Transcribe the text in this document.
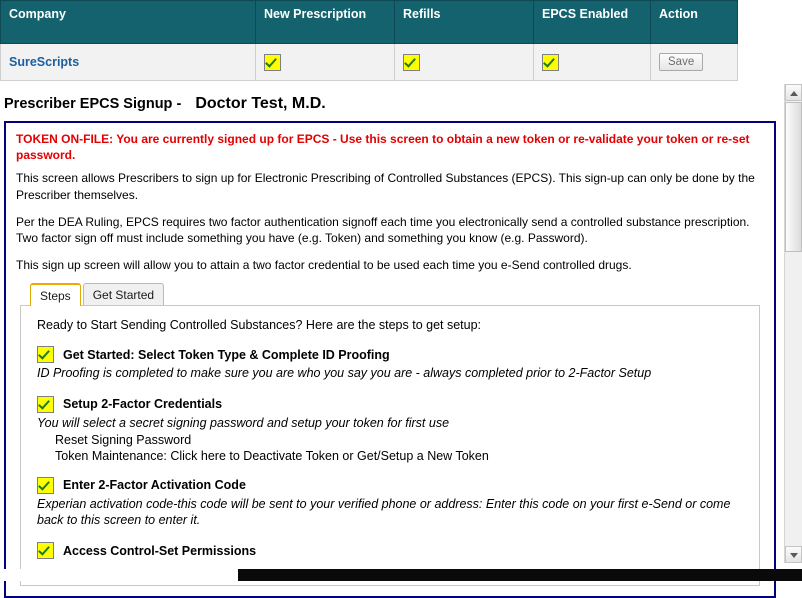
Company	New Prescription	Refills	EPCS Enabled	Action
SureScripts				Save
Prescriber EPCS Signup - Doctor Test, M.D.

TOKEN ON-FILE: You are currently signed up for EPCS - Use this screen to obtain a new token or re-validate your token or re-set password.

This screen allows Prescribers to sign up for Electronic Prescribing of Controlled Substances (EPCS). This sign-up can only be done by the Prescriber themselves.

Per the DEA Ruling, EPCS requires two factor authentication signoff each time you electronically send a controlled substance prescription. Two factor sign off must include something you have (e.g. Token) and something you know (e.g. Password).

This sign up screen will allow you to attain a two factor credential to be used each time you e-Send controlled drugs.

Steps	Get Started
Ready to Start Sending Controlled Substances? Here are the steps to get setup:
Get Started: Select Token Type & Complete ID Proofing

ID Proofing is completed to make sure you are who you say you are - always completed prior to 2-Factor Setup

Setup 2-Factor Credentials

You will select a secret signing password and setup your token for first use

Reset Signing Password
Token Maintenance: Click here to Deactivate Token or Get/Setup a New Token
Enter 2-Factor Activation Code

Experian activation code-this code will be sent to your verified phone or address: Enter this code on your first e-Send or come back to this screen to enter it.

Access Control-Set Permissions
